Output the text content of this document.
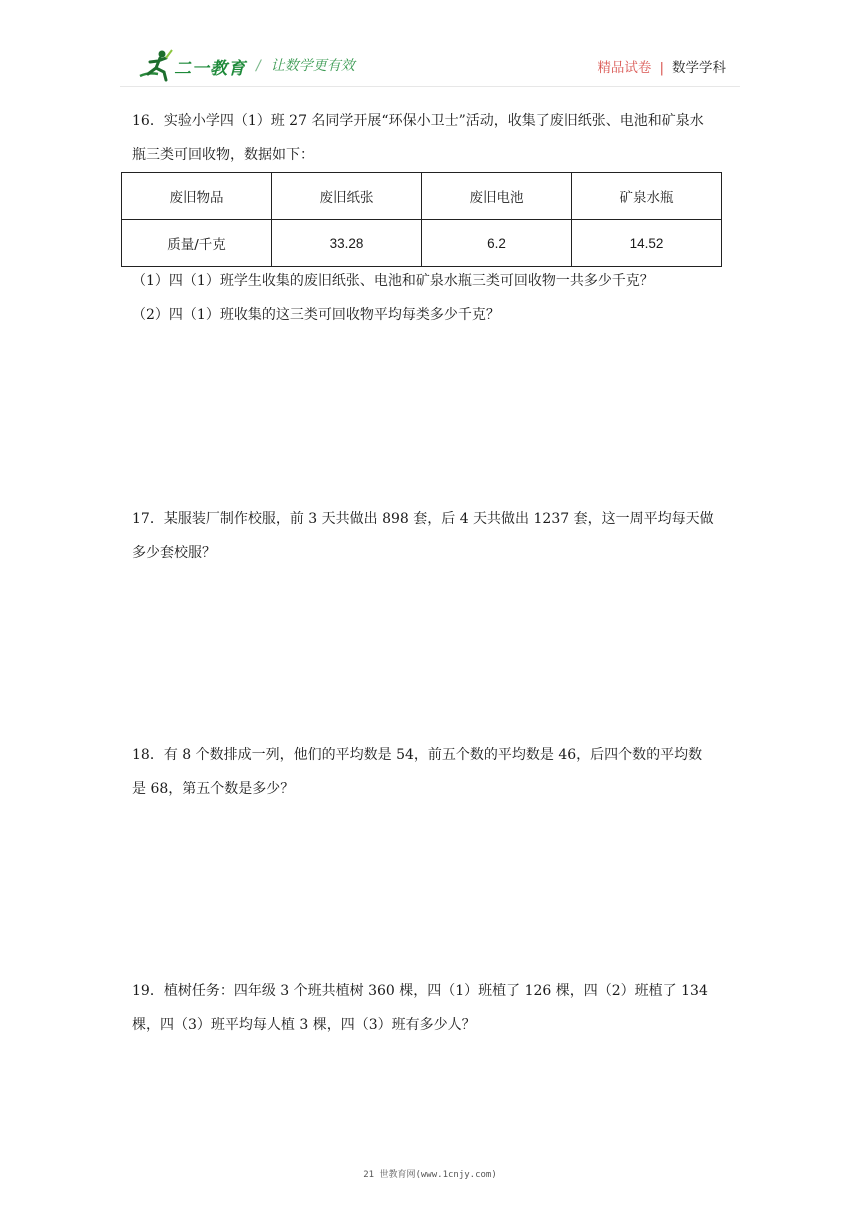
二一教育 / 让数学更有效	精品试卷 | 数学学科

16．实验小学四（1）班 27 名同学开展“环保小卫士”活动，收集了废旧纸张、电池和矿泉水

瓶三类可回收物，数据如下：

废旧物品	废旧纸张	废旧电池	矿泉水瓶
质量/千克	33.28	6.2	14.52
（1）四（1）班学生收集的废旧纸张、电池和矿泉水瓶三类可回收物一共多少千克？
（2）四（1）班收集的这三类可回收物平均每类多少千克？

17．某服装厂制作校服，前 3 天共做出 898 套，后 4 天共做出 1237 套，这一周平均每天做

多少套校服？

18．有 8 个数排成一列，他们的平均数是 54，前五个数的平均数是 46，后四个数的平均数

是 68，第五个数是多少？

19．植树任务：四年级 3 个班共植树 360 棵，四（1）班植了 126 棵，四（2）班植了 134

棵，四（3）班平均每人植 3 棵，四（3）班有多少人？

21 世教育网(www.1cnjy.com)
